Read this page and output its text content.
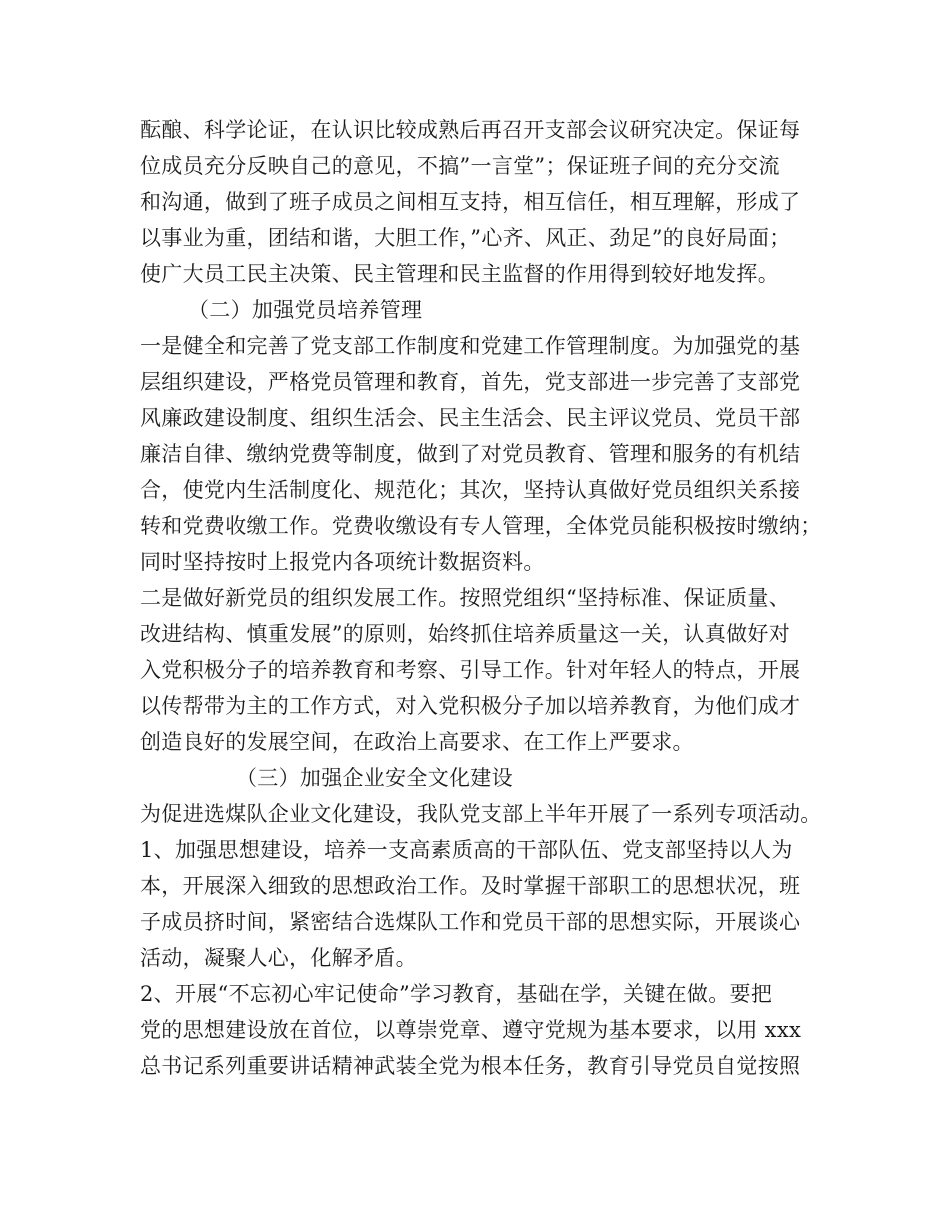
酝酿、科学论证，在认识比较成熟后再召开支部会议研究决定。保证每
位成员充分反映自己的意见，不搞”一言堂”；保证班子间的充分交流
和沟通，做到了班子成员之间相互支持，相互信任，相互理解，形成了
以事业为重，团结和谐，大胆工作，”心齐、风正、劲足”的良好局面；
使广大员工民主决策、民主管理和民主监督的作用得到较好地发挥。
（二）加强党员培养管理
一是健全和完善了党支部工作制度和党建工作管理制度。为加强党的基
层组织建设，严格党员管理和教育，首先，党支部进一步完善了支部党
风廉政建设制度、组织生活会、民主生活会、民主评议党员、党员干部
廉洁自律、缴纳党费等制度，做到了对党员教育、管理和服务的有机结
合，使党内生活制度化、规范化；其次，坚持认真做好党员组织关系接
转和党费收缴工作。党费收缴设有专人管理，全体党员能积极按时缴纳；
同时坚持按时上报党内各项统计数据资料。
二是做好新党员的组织发展工作。按照党组织“坚持标准、保证质量、
改进结构、慎重发展”的原则，始终抓住培养质量这一关，认真做好对
入党积极分子的培养教育和考察、引导工作。针对年轻人的特点，开展
以传帮带为主的工作方式，对入党积极分子加以培养教育，为他们成才
创造良好的发展空间，在政治上高要求、在工作上严要求。
（三）加强企业安全文化建设
为促进选煤队企业文化建设，我队党支部上半年开展了一系列专项活动。
1、加强思想建设，培养一支高素质高的干部队伍、党支部坚持以人为
本，开展深入细致的思想政治工作。及时掌握干部职工的思想状况，班
子成员挤时间，紧密结合选煤队工作和党员干部的思想实际，开展谈心
活动，凝聚人心，化解矛盾。
2、开展“不忘初心牢记使命”学习教育，基础在学，关键在做。要把
党的思想建设放在首位，以尊崇党章、遵守党规为基本要求，以用 xxx
总书记系列重要讲话精神武装全党为根本任务，教育引导党员自觉按照
